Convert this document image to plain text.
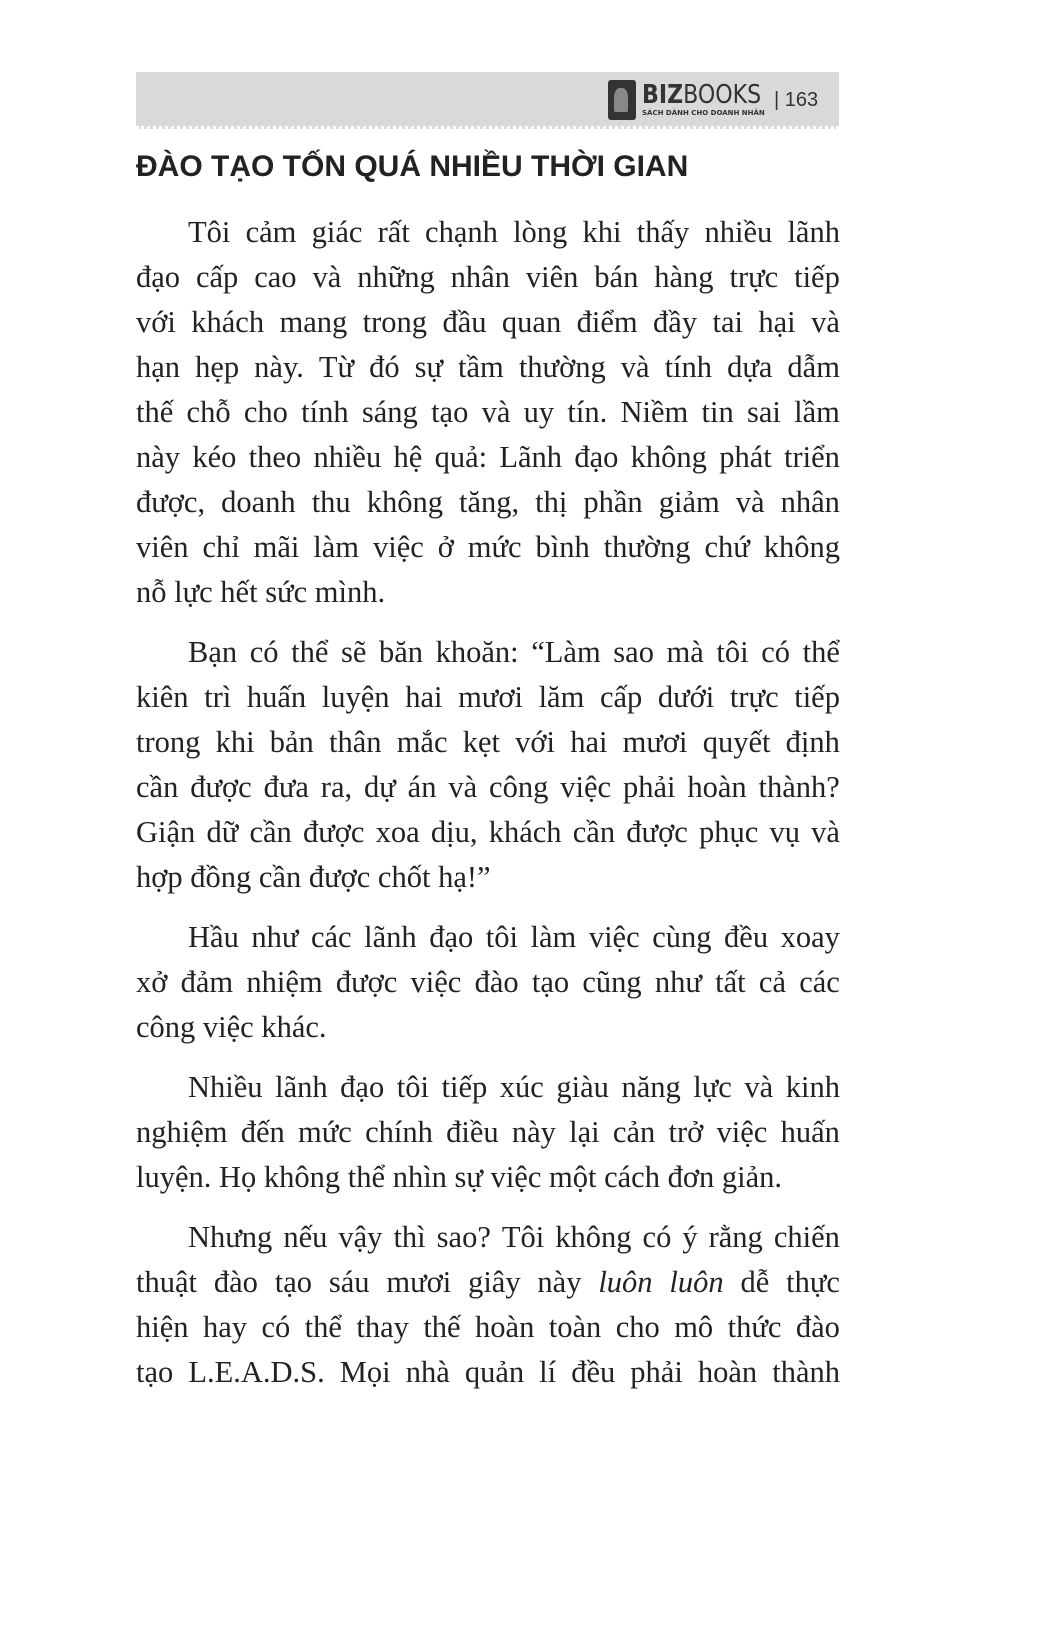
BIZBOOKS
SÁCH DÀNH CHO DOANH NHÂN
| 163
ĐÀO TẠO TỐN QUÁ NHIỀU THỜI GIAN
Tôi cảm giác rất chạnh lòng khi thấy nhiều lãnh
đạo cấp cao và những nhân viên bán hàng trực tiếp
với khách mang trong đầu quan điểm đầy tai hại và
hạn hẹp này. Từ đó sự tầm thường và tính dựa dẫm
thế chỗ cho tính sáng tạo và uy tín. Niềm tin sai lầm
này kéo theo nhiều hệ quả: Lãnh đạo không phát triển
được, doanh thu không tăng, thị phần giảm và nhân
viên chỉ mãi làm việc ở mức bình thường chứ không
nỗ lực hết sức mình.
Bạn có thể sẽ băn khoăn: “Làm sao mà tôi có thể
kiên trì huấn luyện hai mươi lăm cấp dưới trực tiếp
trong khi bản thân mắc kẹt với hai mươi quyết định
cần được đưa ra, dự án và công việc phải hoàn thành?
Giận dữ cần được xoa dịu, khách cần được phục vụ và
hợp đồng cần được chốt hạ!”
Hầu như các lãnh đạo tôi làm việc cùng đều xoay
xở đảm nhiệm được việc đào tạo cũng như tất cả các
công việc khác.
Nhiều lãnh đạo tôi tiếp xúc giàu năng lực và kinh
nghiệm đến mức chính điều này lại cản trở việc huấn
luyện. Họ không thể nhìn sự việc một cách đơn giản.
Nhưng nếu vậy thì sao? Tôi không có ý rằng chiến
thuật đào tạo sáu mươi giây này luôn luôn dễ thực
hiện hay có thể thay thế hoàn toàn cho mô thức đào
tạo L.E.A.D.S. Mọi nhà quản lí đều phải hoàn thành
